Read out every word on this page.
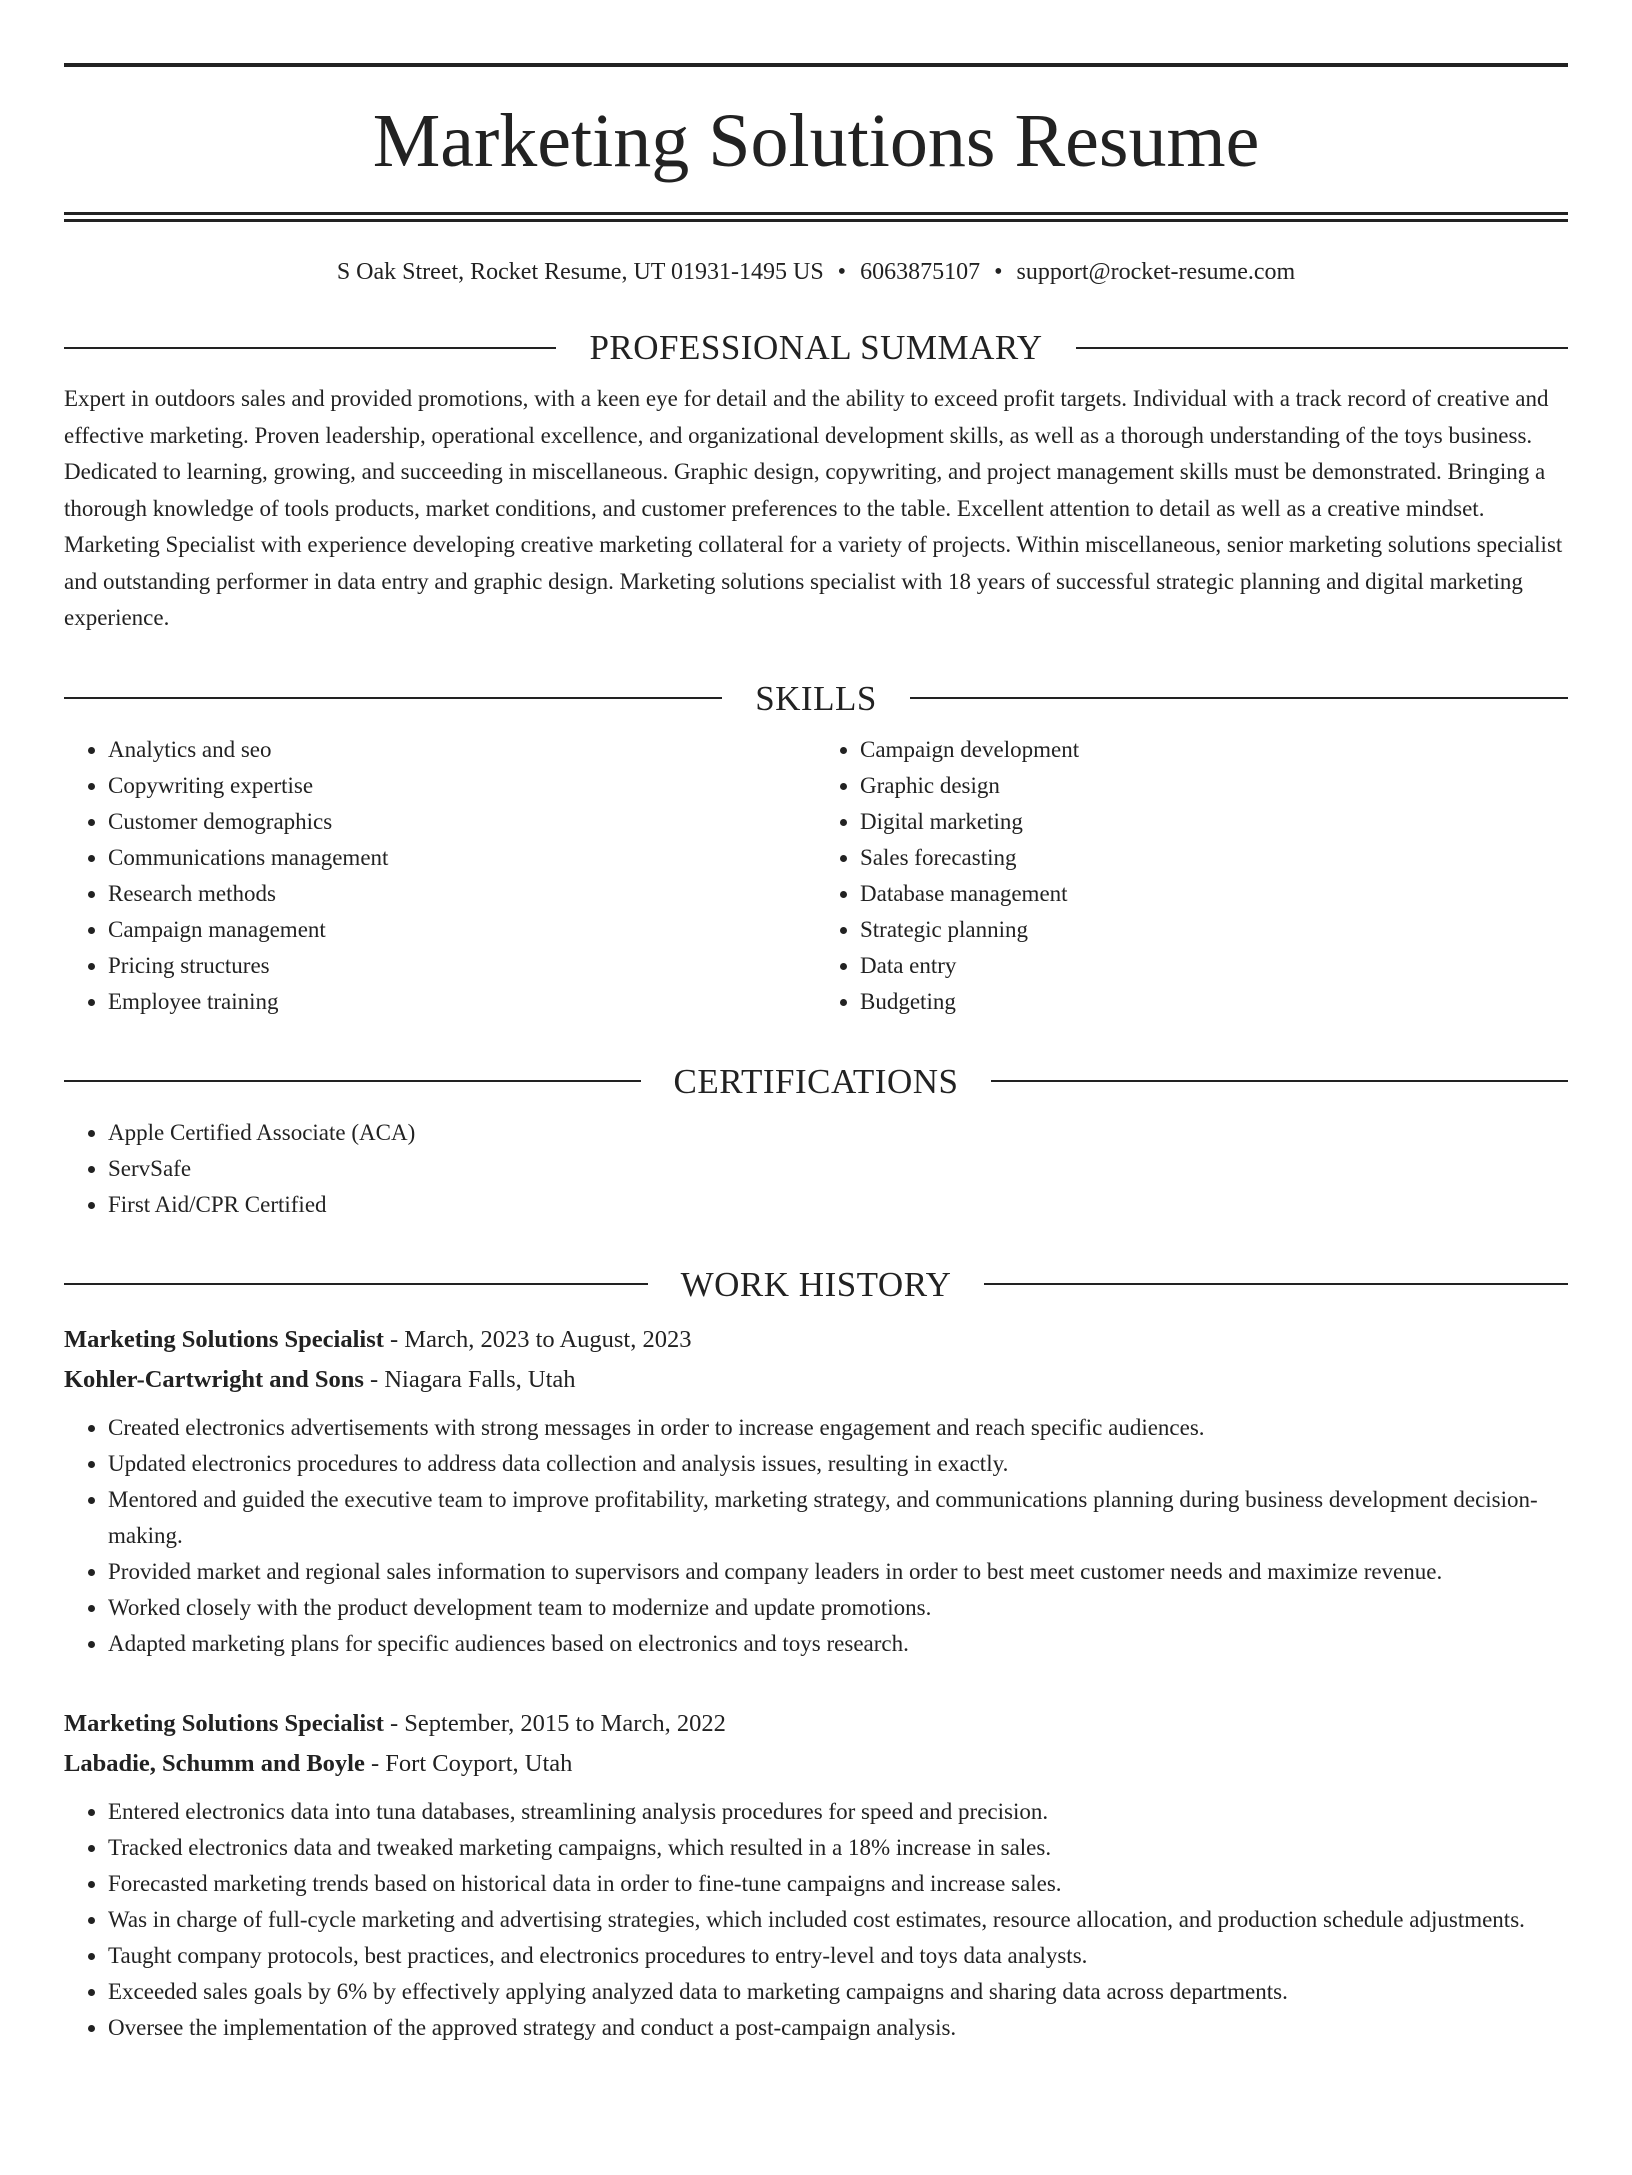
Marketing Solutions Resume
S Oak Street, Rocket Resume, UT 01931-1495 US • 6063875107 • support@rocket-resume.com
PROFESSIONAL SUMMARY

Expert in outdoors sales and provided promotions, with a keen eye for detail and the ability to exceed profit targets. Individual with a track record of creative and effective marketing. Proven leadership, operational excellence, and organizational development skills, as well as a thorough understanding of the toys business. Dedicated to learning, growing, and succeeding in miscellaneous. Graphic design, copywriting, and project management skills must be demonstrated. Bringing a thorough knowledge of tools products, market conditions, and customer preferences to the table. Excellent attention to detail as well as a creative mindset. Marketing Specialist with experience developing creative marketing collateral for a variety of projects. Within miscellaneous, senior marketing solutions specialist and outstanding performer in data entry and graphic design. Marketing solutions specialist with 18 years of successful strategic planning and digital marketing experience.

SKILLS
• Analytics and seo
• Copywriting expertise
• Customer demographics
• Communications management
• Research methods
• Campaign management
• Pricing structures
• Employee training
• Campaign development
• Graphic design
• Digital marketing
• Sales forecasting
• Database management
• Strategic planning
• Data entry
• Budgeting
CERTIFICATIONS
• Apple Certified Associate (ACA)
• ServSafe
• First Aid/CPR Certified
WORK HISTORY
Marketing Solutions Specialist - March, 2023 to August, 2023
Kohler-Cartwright and Sons - Niagara Falls, Utah
• Created electronics advertisements with strong messages in order to increase engagement and reach specific audiences.
• Updated electronics procedures to address data collection and analysis issues, resulting in exactly.
• Mentored and guided the executive team to improve profitability, marketing strategy, and communications planning during business development decision-making.
• Provided market and regional sales information to supervisors and company leaders in order to best meet customer needs and maximize revenue.
• Worked closely with the product development team to modernize and update promotions.
• Adapted marketing plans for specific audiences based on electronics and toys research.
Marketing Solutions Specialist - September, 2015 to March, 2022
Labadie, Schumm and Boyle - Fort Coyport, Utah
• Entered electronics data into tuna databases, streamlining analysis procedures for speed and precision.
• Tracked electronics data and tweaked marketing campaigns, which resulted in a 18% increase in sales.
• Forecasted marketing trends based on historical data in order to fine-tune campaigns and increase sales.
• Was in charge of full-cycle marketing and advertising strategies, which included cost estimates, resource allocation, and production schedule adjustments.
• Taught company protocols, best practices, and electronics procedures to entry-level and toys data analysts.
• Exceeded sales goals by 6% by effectively applying analyzed data to marketing campaigns and sharing data across departments.
• Oversee the implementation of the approved strategy and conduct a post-campaign analysis.
